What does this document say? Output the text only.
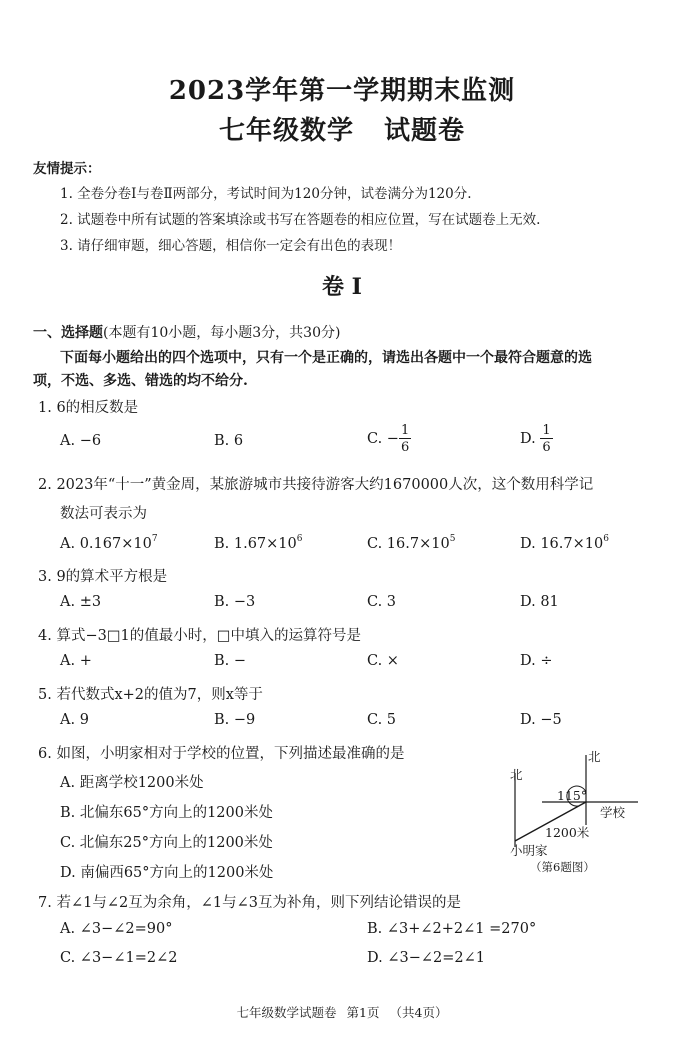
2023学年第一学期期末监测
七年级数学 试题卷
友情提示：
1. 全卷分卷Ⅰ与卷Ⅱ两部分，考试时间为120分钟，试卷满分为120分.
2. 试题卷中所有试题的答案填涂或书写在答题卷的相应位置，写在试题卷上无效.
3. 请仔细审题，细心答题，相信你一定会有出色的表现！
卷 Ⅰ
一、选择题(本题有10小题，每小题3分，共30分)
下面每小题给出的四个选项中，只有一个是正确的，请选出各题中一个最符合题意的选
项，不选、多选、错选的均不给分.
1. 6的相反数是
A. −6	B. 6	C. − $\frac{1}{6}$	D. $\frac{1}{6}$
2. 2023年“十一”黄金周，某旅游城市共接待游客大约1670000人次，这个数用科学记
数法可表示为
A. $0.167\times 10^7$	B. $1.67\times 10^6$	C. $16.7\times 10^5$	D. $16.7\times 10^6$
3. 9的算术平方根是
A. ±3	B. −3	C. 3	D. 81
4. 算式−3□1的值最小时，□中填入的运算符号是
A. +	B. −	C. ×	D. ÷
5. 若代数式x+2的值为7，则x等于
A. 9	B. −9	C. 5	D. −5
6. 如图，小明家相对于学校的位置，下列描述最准确的是
A. 距离学校1200米处
B. 北偏东65°方向上的1200米处
C. 北偏东25°方向上的1200米处
D. 南偏西65°方向上的1200米处
北
北
115°
学校
1200米
小明家
（第6题图）
7. 若∠1与∠2互为余角，∠1与∠3互为补角，则下列结论错误的是
A. ∠3−∠2=90°	B. ∠3+∠2+2∠1 =270°
C. ∠3−∠1=2∠2	D. ∠3−∠2=2∠1
七年级数学试题卷 第1页 （共4页）
